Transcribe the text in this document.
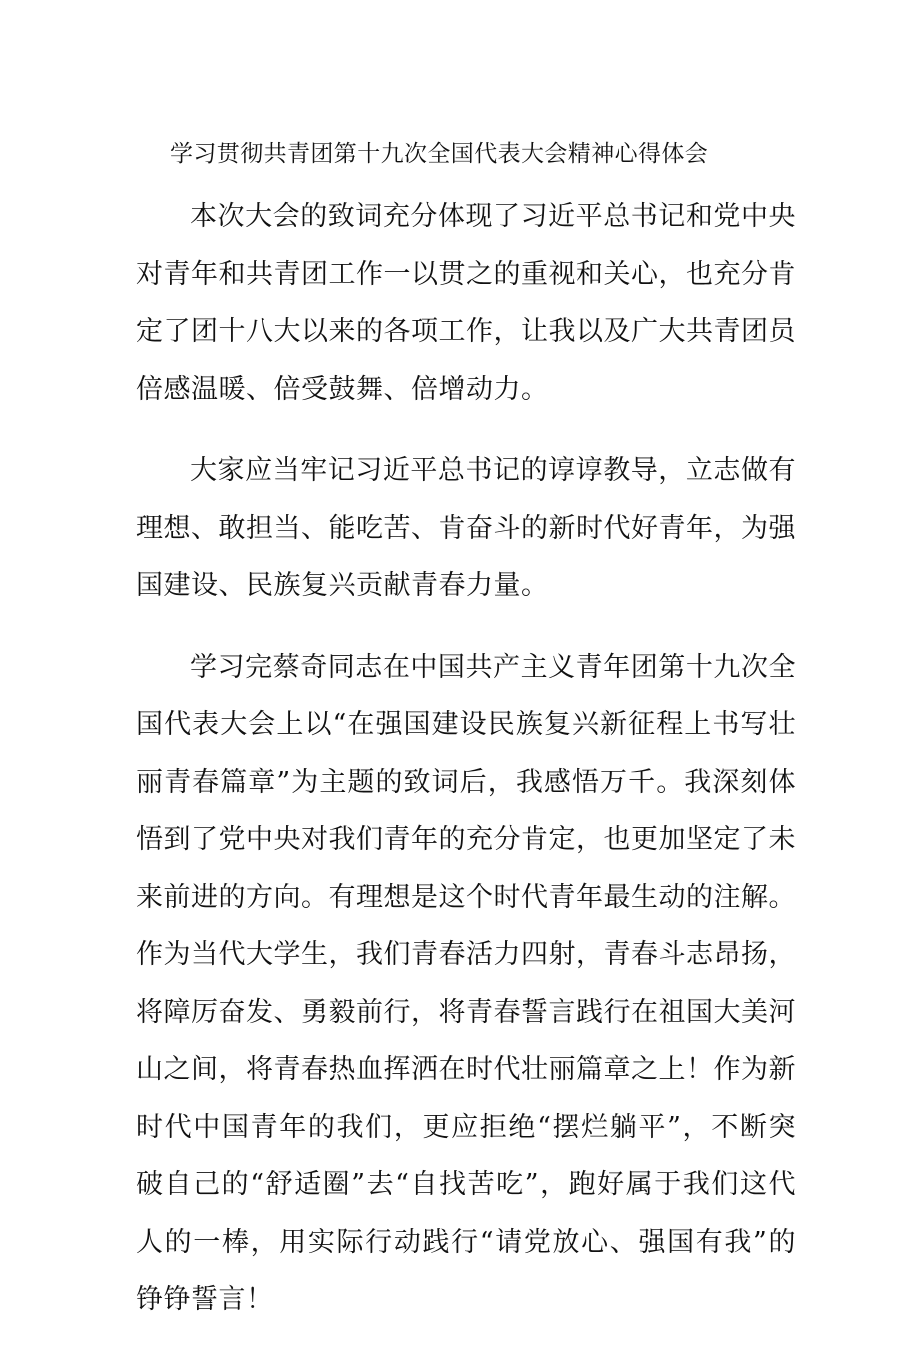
学习贯彻共青团第十九次全国代表大会精神心得体会

本次大会的致词充分体现了习近平总书记和党中央对青年和共青团工作一以贯之的重视和关心，也充分肯定了团十八大以来的各项工作，让我以及广大共青团员倍感温暖、倍受鼓舞、倍增动力。

大家应当牢记习近平总书记的谆谆教导，立志做有理想、敢担当、能吃苦、肯奋斗的新时代好青年，为强国建设、民族复兴贡献青春力量。

学习完蔡奇同志在中国共产主义青年团第十九次全国代表大会上以“在强国建设民族复兴新征程上书写壮丽青春篇章”为主题的致词后，我感悟万千。我深刻体悟到了党中央对我们青年的充分肯定，也更加坚定了未来前进的方向。有理想是这个时代青年最生动的注解。作为当代大学生，我们青春活力四射，青春斗志昂扬，将障厉奋发、勇毅前行，将青春誓言践行在祖国大美河山之间，将青春热血挥洒在时代壮丽篇章之上！作为新时代中国青年的我们，更应拒绝“摆烂躺平”，不断突破自己的“舒适圈”去“自找苦吃”，跑好属于我们这代人的一棒，用实际行动践行“请党放心、强国有我”的铮铮誓言！
